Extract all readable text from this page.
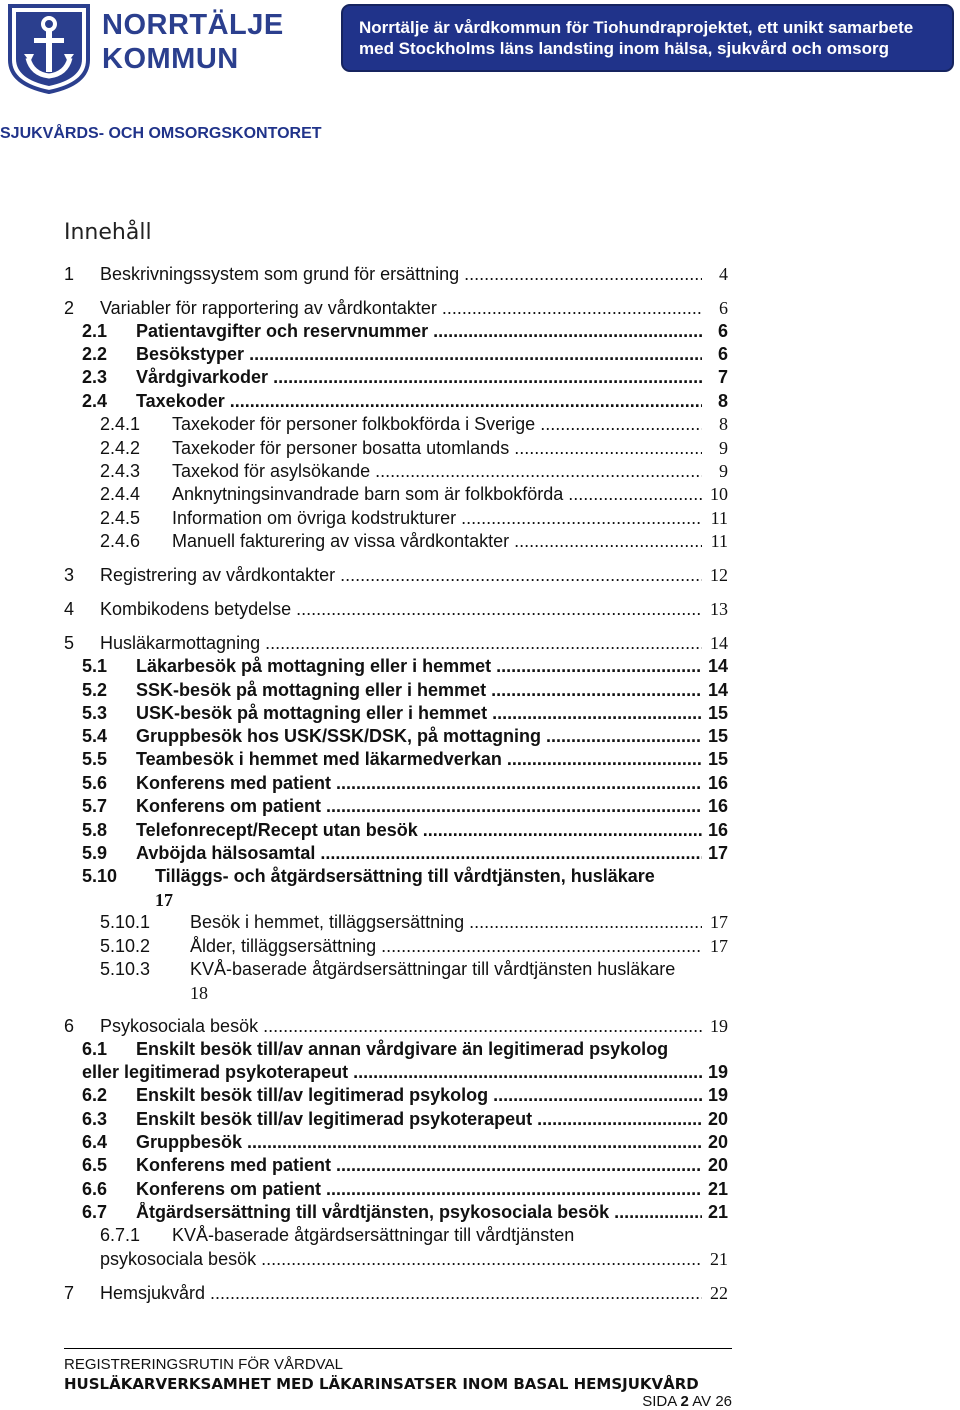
NORRTÄLJE
KOMMUN
Norrtälje är vårdkommun för Tiohundraprojektet, ett unikt samarbete
med Stockholms läns landsting inom hälsa, sjukvård och omsorg
SJUKVÅRDS- OCH OMSORGSKONTORET
Innehåll
1 Beskrivningssystem som grund för ersättning .....	4
2 Variabler för rapportering av vårdkontakter .....	6
2.1 Patientavgifter och reservnummer .....	6
2.2 Besökstyper .....	6
2.3 Vårdgivarkoder .....	7
2.4 Taxekoder .....	8
2.4.1 Taxekoder för personer folkbokförda i Sverige .....	8
2.4.2 Taxekoder för personer bosatta utomlands .....	9
2.4.3 Taxekod för asylsökande .....	9
2.4.4 Anknytningsinvandrade barn som är folkbokförda .....	10
2.4.5 Information om övriga kodstrukturer .....	11
2.4.6 Manuell fakturering av vissa vårdkontakter .....	11
3 Registrering av vårdkontakter .....	12
4 Kombikodens betydelse .....	13
5 Husläkarmottagning .....	14
5.1 Läkarbesök på mottagning eller i hemmet .....	14
5.2 SSK-besök på mottagning eller i hemmet .....	14
5.3 USK-besök på mottagning eller i hemmet .....	15
5.4 Gruppbesök hos USK/SSK/DSK, på mottagning .....	15
5.5 Teambesök i hemmet med läkarmedverkan .....	15
5.6 Konferens med patient .....	16
5.7 Konferens om patient .....	16
5.8 Telefonrecept/Recept utan besök .....	16
5.9 Avböjda hälsosamtal .....	17
5.10 Tilläggs- och åtgärdsersättning till vårdtjänsten, husläkare
17
5.10.1 Besök i hemmet, tilläggsersättning .....	17
5.10.2 Ålder, tilläggsersättning .....	17
5.10.3 KVÅ-baserade åtgärdsersättningar till vårdtjänsten husläkare
18
6 Psykosociala besök .....	19
6.1 Enskilt besök till/av annan vårdgivare än legitimerad psykolog
eller legitimerad psykoterapeut .....	19
6.2 Enskilt besök till/av legitimerad psykolog .....	19
6.3 Enskilt besök till/av legitimerad psykoterapeut .....	20
6.4 Gruppbesök .....	20
6.5 Konferens med patient .....	20
6.6 Konferens om patient .....	21
6.7 Åtgärdsersättning till vårdtjänsten, psykosociala besök .....	21
6.7.1 KVÅ-baserade åtgärdsersättningar till vårdtjänsten
psykosociala besök .....	21
7 Hemsjukvård .....	22
REGISTRERINGSRUTIN FÖR VÅRDVAL
HUSLÄKARVERKSAMHET MED LÄKARINSATSER INOM BASAL HEMSJUKVÅRD
SIDA 2 AV 26
